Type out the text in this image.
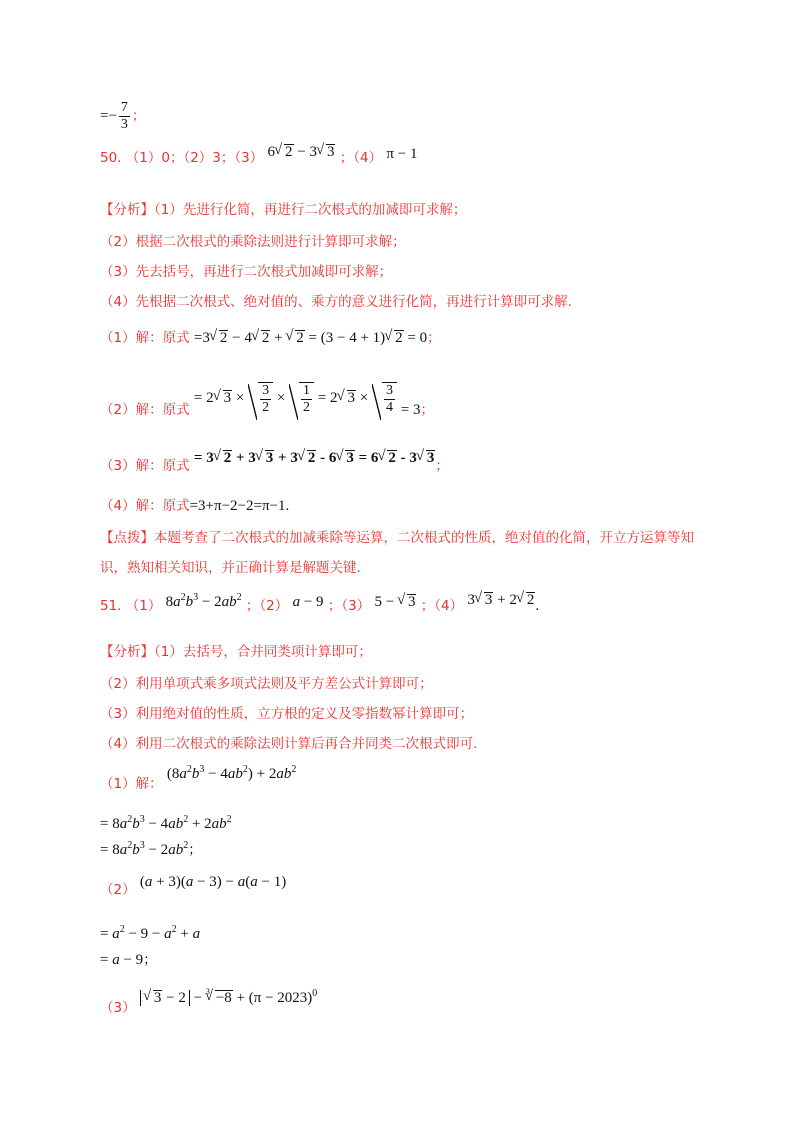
=− $\frac{7}{3}$ ；
50. （1）0；（2）3；（3） 6√ 2 − 3√ 3 ；（4） π − 1
【分析】（1）先进行化简，再进行二次根式的加减即可求解；
（2）根据二次根式的乘除法则进行计算即可求解；
（3）先去括号，再进行二次根式加减即可求解；
（4）先根据二次根式、绝对值的、乘方的意义进行化简，再进行计算即可求解.
（1）解：原式 =3√ 2 − 4√ 2 + √ 2 = (3 − 4 + 1)√ 2 = 0；
（2）解：原式 = 2√ $3 \times \frac{3}{2} \times \frac{1}{2} = 2√$ $3 \times \frac{3}{4} = 3$；
（3）解：原式 = 3√ 2 + 3√ 3 + 3√ 2 - 6√ 3 = 6√ 2 - 3√ 3；
（4）解：原式=3+π−2−2=π−1.
【点拨】本题考查了二次根式的加减乘除等运算，二次根式的性质，绝对值的化简，开立方运算等知
识，熟知相关知识，并正确计算是解题关键.
51. （1） $8a^2b^3 - 2ab^2$ ；（2） a − 9 ；（3） 5 − √ 3 ；（4） 3√ 3 + 2√ 2.
【分析】（1）去括号，合并同类项计算即可；
（2）利用单项式乘多项式法则及平方差公式计算即可；
（3）利用绝对值的性质，立方根的定义及零指数幂计算即可；
（4）利用二次根式的乘除法则计算后再合并同类二次根式即可.
（1）解： $(8a^2b^3 - 4ab^2) + 2ab^2$
= $8a^2b^3 - 4ab^2 + 2ab^2$
= $8a^2b^3 - 2ab^2$；
（2） (a + 3)(a − 3) − a(a − 1)
= $a^2 - 9 - a^2 + a$
= a − 9；
（3） √ $3 - 2 - ^3√ -8 + (\pi - 2023)^0$
